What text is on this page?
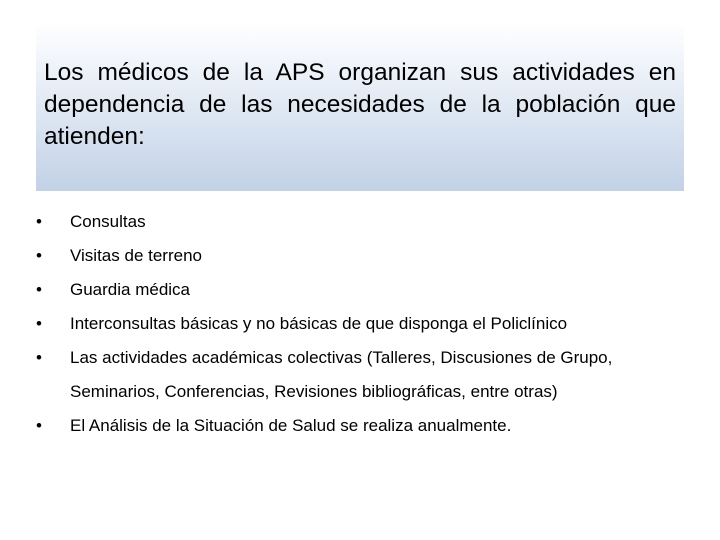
Los médicos de la APS organizan sus actividades en dependencia de las necesidades de la población que atienden:
• Consultas
• Visitas de terreno
• Guardia médica
• Interconsultas básicas y no básicas de que disponga el Policlínico
• Las actividades académicas colectivas (Talleres, Discusiones de Grupo, Seminarios, Conferencias, Revisiones bibliográficas, entre otras)
• El Análisis de la Situación de Salud se realiza anualmente.
